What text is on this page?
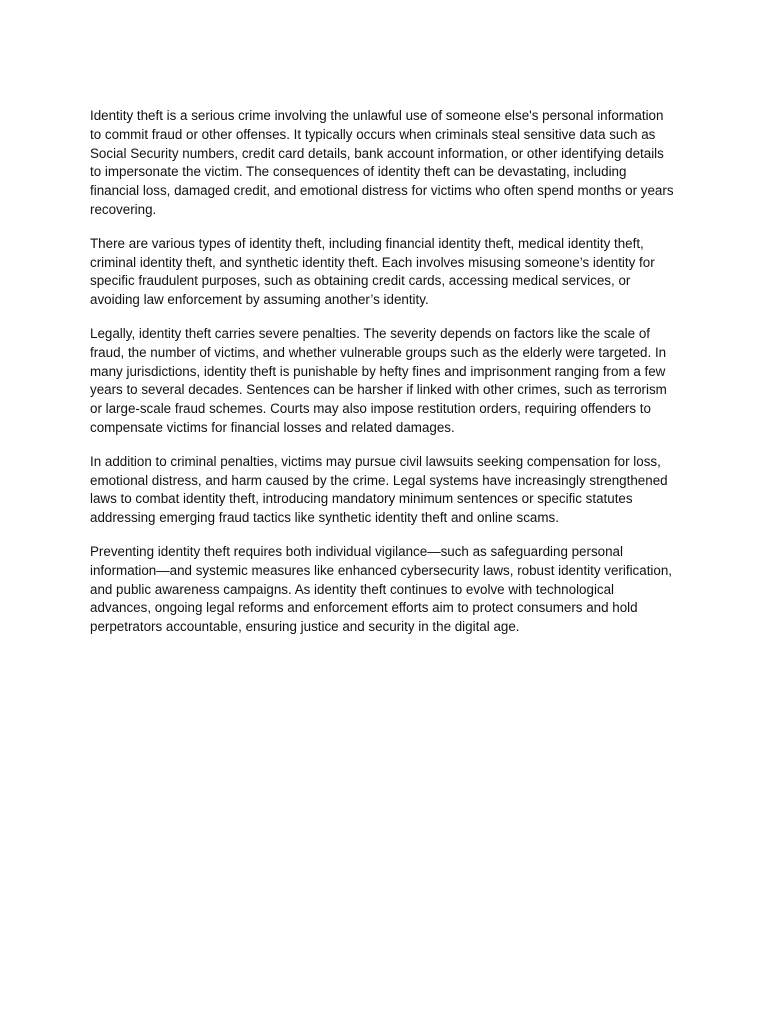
Identity theft is a serious crime involving the unlawful use of someone else's personal information to commit fraud or other offenses. It typically occurs when criminals steal sensitive data such as Social Security numbers, credit card details, bank account information, or other identifying details to impersonate the victim. The consequences of identity theft can be devastating, including financial loss, damaged credit, and emotional distress for victims who often spend months or years recovering.

There are various types of identity theft, including financial identity theft, medical identity theft, criminal identity theft, and synthetic identity theft. Each involves misusing someone’s identity for specific fraudulent purposes, such as obtaining credit cards, accessing medical services, or avoiding law enforcement by assuming another’s identity.

Legally, identity theft carries severe penalties. The severity depends on factors like the scale of fraud, the number of victims, and whether vulnerable groups such as the elderly were targeted. In many jurisdictions, identity theft is punishable by hefty fines and imprisonment ranging from a few years to several decades. Sentences can be harsher if linked with other crimes, such as terrorism or large-scale fraud schemes. Courts may also impose restitution orders, requiring offenders to compensate victims for financial losses and related damages.

In addition to criminal penalties, victims may pursue civil lawsuits seeking compensation for loss, emotional distress, and harm caused by the crime. Legal systems have increasingly strengthened laws to combat identity theft, introducing mandatory minimum sentences or specific statutes addressing emerging fraud tactics like synthetic identity theft and online scams.

Preventing identity theft requires both individual vigilance—such as safeguarding personal information—and systemic measures like enhanced cybersecurity laws, robust identity verification, and public awareness campaigns. As identity theft continues to evolve with technological advances, ongoing legal reforms and enforcement efforts aim to protect consumers and hold perpetrators accountable, ensuring justice and security in the digital age.
